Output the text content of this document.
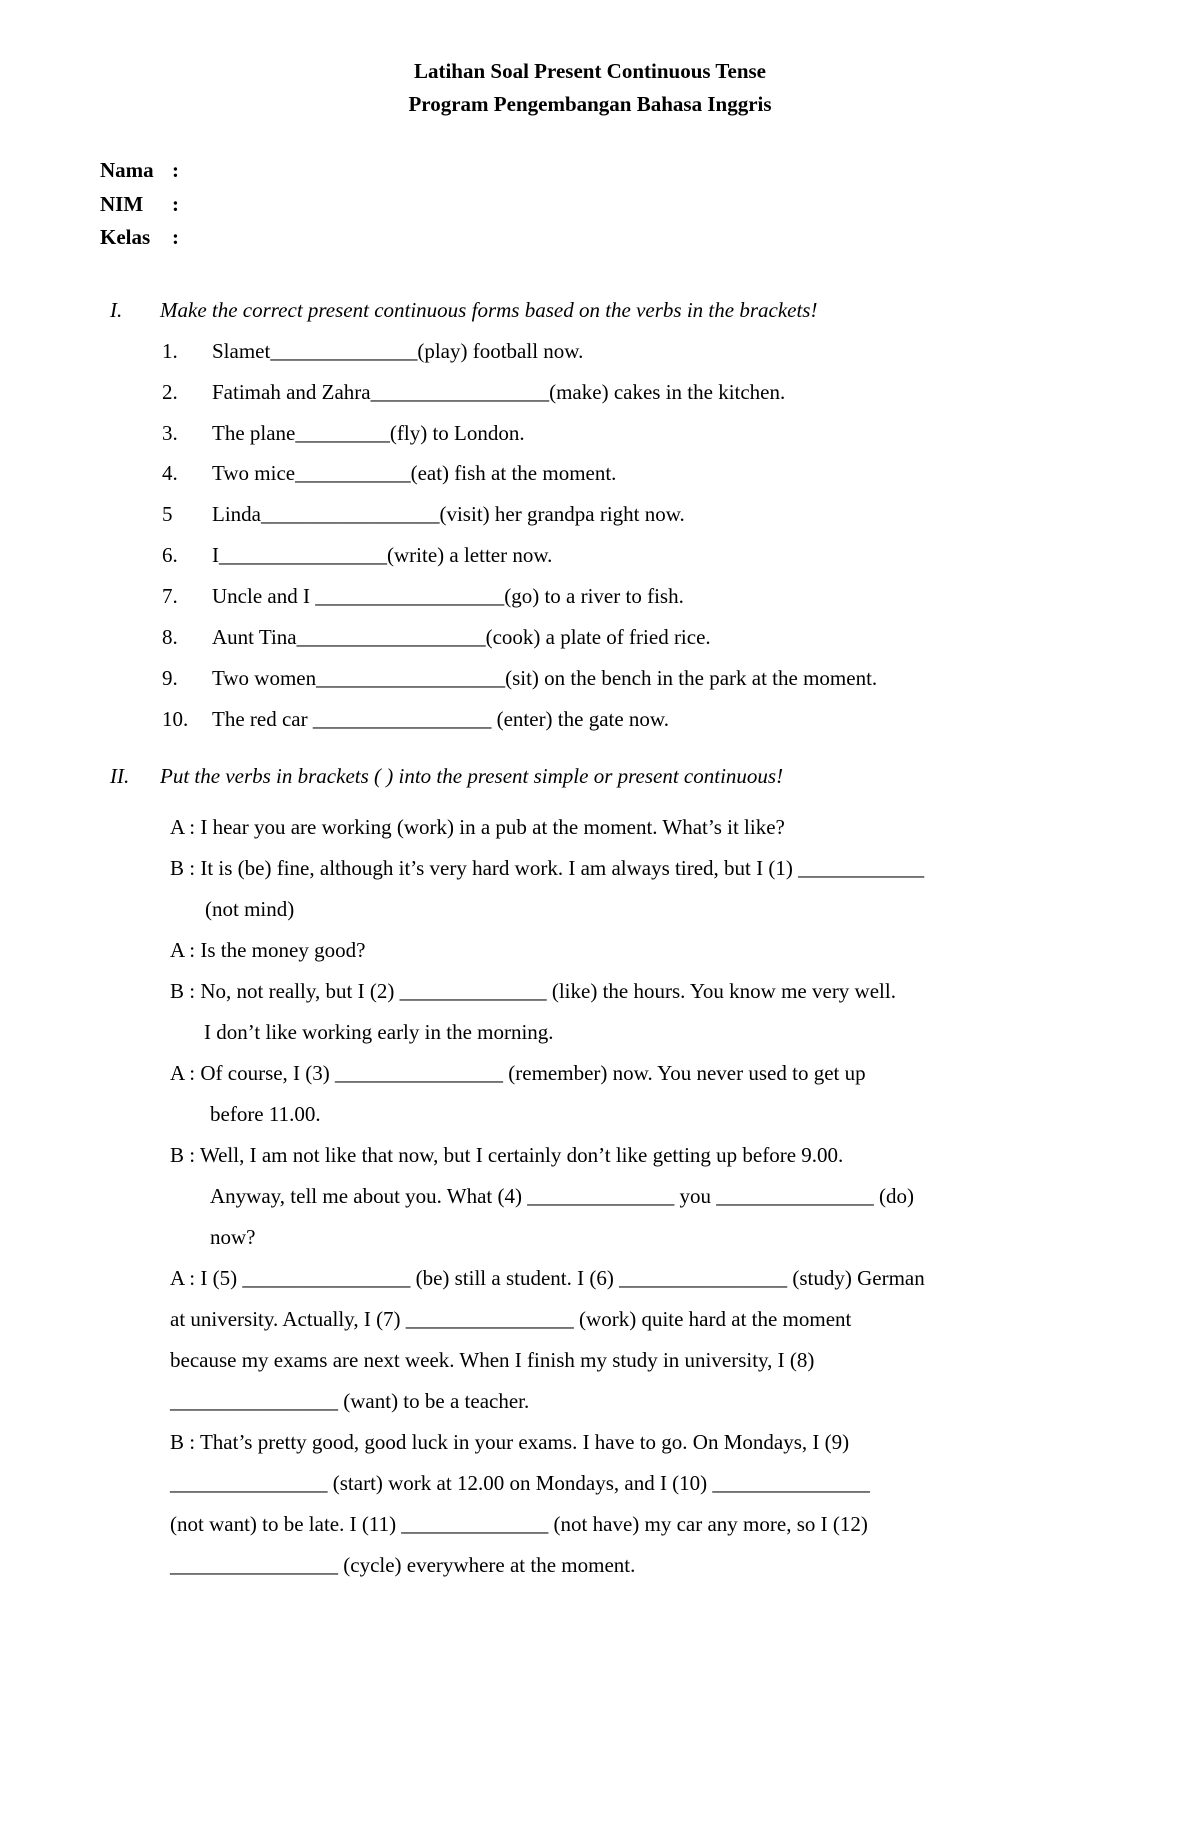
Latihan Soal Present Continuous Tense
Program Pengembangan Bahasa Inggris
Nama :
NIM :
Kelas :
I. Make the correct present continuous forms based on the verbs in the brackets!
1. Slamet______________(play) football now.
2. Fatimah and Zahra_________________(make) cakes in the kitchen.
3. The plane_________(fly) to London.
4. Two mice___________(eat) fish at the moment.
5 Linda_________________(visit) her grandpa right now.
6. I________________(write) a letter now.
7. Uncle and I __________________(go) to a river to fish.
8. Aunt Tina__________________(cook) a plate of fried rice.
9. Two women__________________(sit) on the bench in the park at the moment.
10. The red car _________________ (enter) the gate now.
II. Put the verbs in brackets ( ) into the present simple or present continuous!
A : I hear you are working (work) in a pub at the moment. What’s it like?
B : It is (be) fine, although it’s very hard work. I am always tired, but I (1) ____________
(not mind)
A : Is the money good?
B : No, not really, but I (2) ______________ (like) the hours. You know me very well.
I don’t like working early in the morning.
A : Of course, I (3) ________________ (remember) now. You never used to get up
before 11.00.
B : Well, I am not like that now, but I certainly don’t like getting up before 9.00.
Anyway, tell me about you. What (4) ______________ you _______________ (do)
now?
A : I (5) ________________ (be) still a student. I (6) ________________ (study) German
at university. Actually, I (7) ________________ (work) quite hard at the moment
because my exams are next week. When I finish my study in university, I (8)
________________ (want) to be a teacher.
B : That’s pretty good, good luck in your exams. I have to go. On Mondays, I (9)
_______________ (start) work at 12.00 on Mondays, and I (10) _______________
(not want) to be late. I (11) ______________ (not have) my car any more, so I (12)
________________ (cycle) everywhere at the moment.
